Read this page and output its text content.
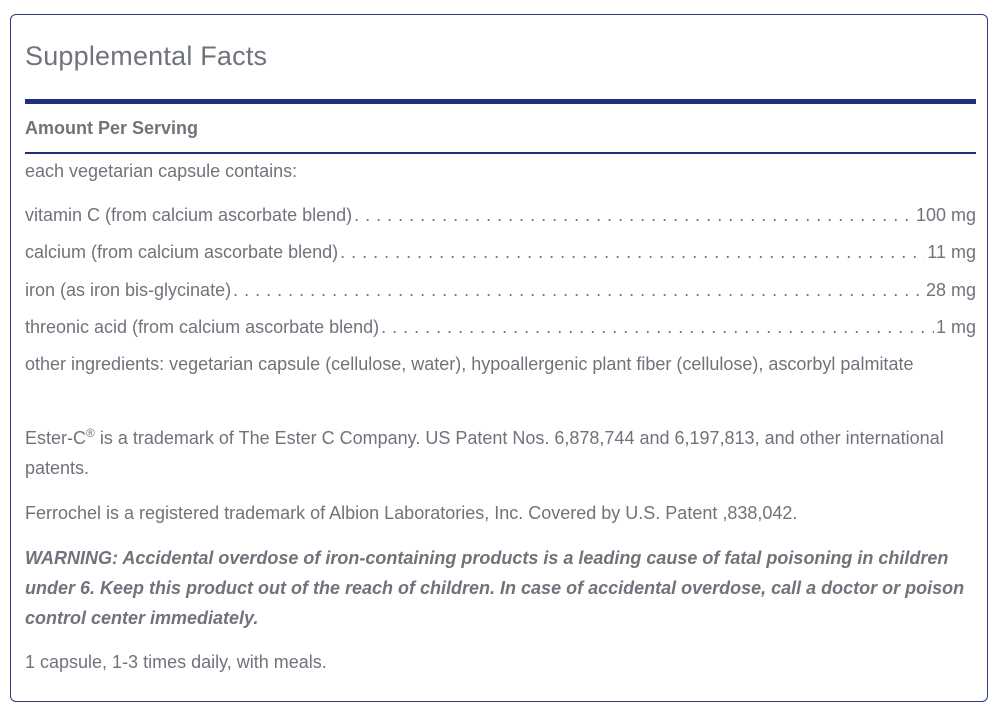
Supplemental Facts
Amount Per Serving
each vegetarian capsule contains:
vitamin C (from calcium ascorbate blend) . . .	100 mg
calcium (from calcium ascorbate blend) . . .	11 mg
iron (as iron bis-glycinate) . . .	28 mg
threonic acid (from calcium ascorbate blend) . . .	1 mg
other ingredients: vegetarian capsule (cellulose, water), hypoallergenic plant fiber (cellulose), ascorbyl palmitate
Ester-C® is a trademark of The Ester C Company. US Patent Nos. 6,878,744 and 6,197,813, and other international patents.
Ferrochel is a registered trademark of Albion Laboratories, Inc. Covered by U.S. Patent ,838,042.
WARNING: Accidental overdose of iron-containing products is a leading cause of fatal poisoning in children under 6. Keep this product out of the reach of children. In case of accidental overdose, call a doctor or poison control center immediately.
1 capsule, 1-3 times daily, with meals.
